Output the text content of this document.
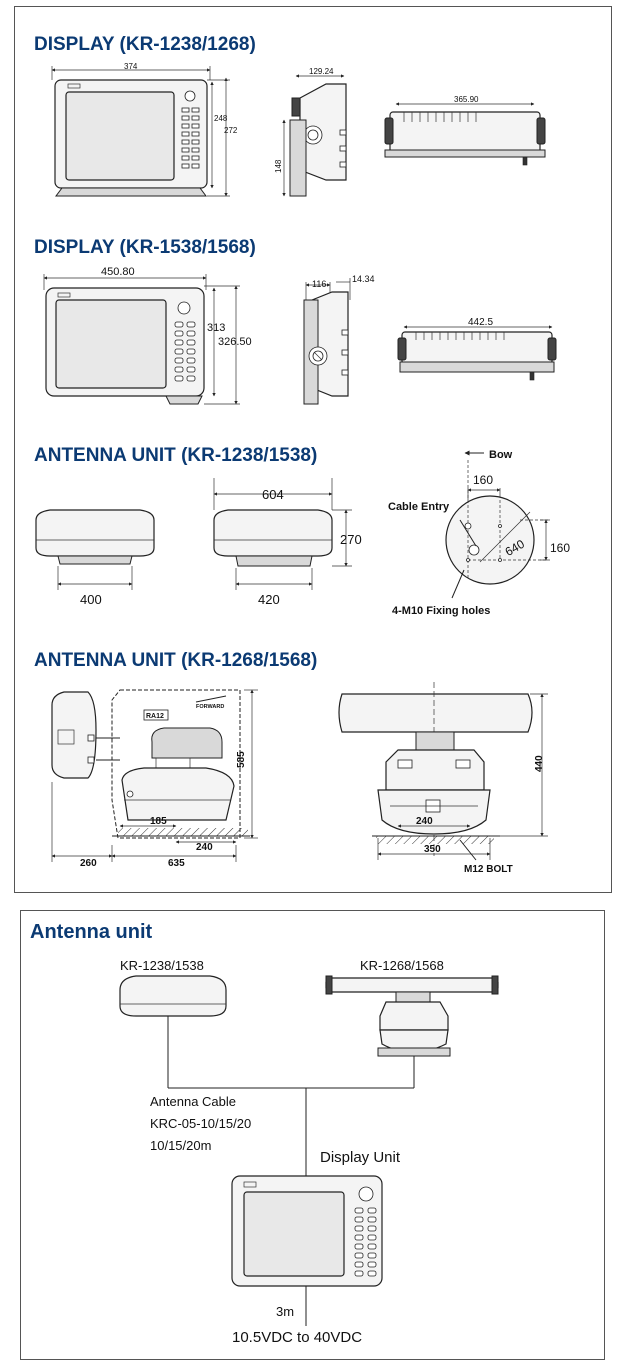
DISPLAY (KR-1238/1268)
374
248
272
129.24
148
365.90
DISPLAY (KR-1538/1568)
450.80
313
326.50
116	14.34
442.5
ANTENNA UNIT (KR-1238/1538)
400
604
420
270
Bow
160
640 160
Cable Entry
4-M10 Fixing holes
ANTENNA UNIT (KR-1268/1568)
RA12
FORWARD
585
185
240
260	635
440
240
350
M12 BOLT
Antenna unit
KR-1238/1538	KR-1268/1568
Antenna Cable
KRC-05-10/15/20
10/15/20m
Display Unit
3m
10.5VDC to 40VDC
